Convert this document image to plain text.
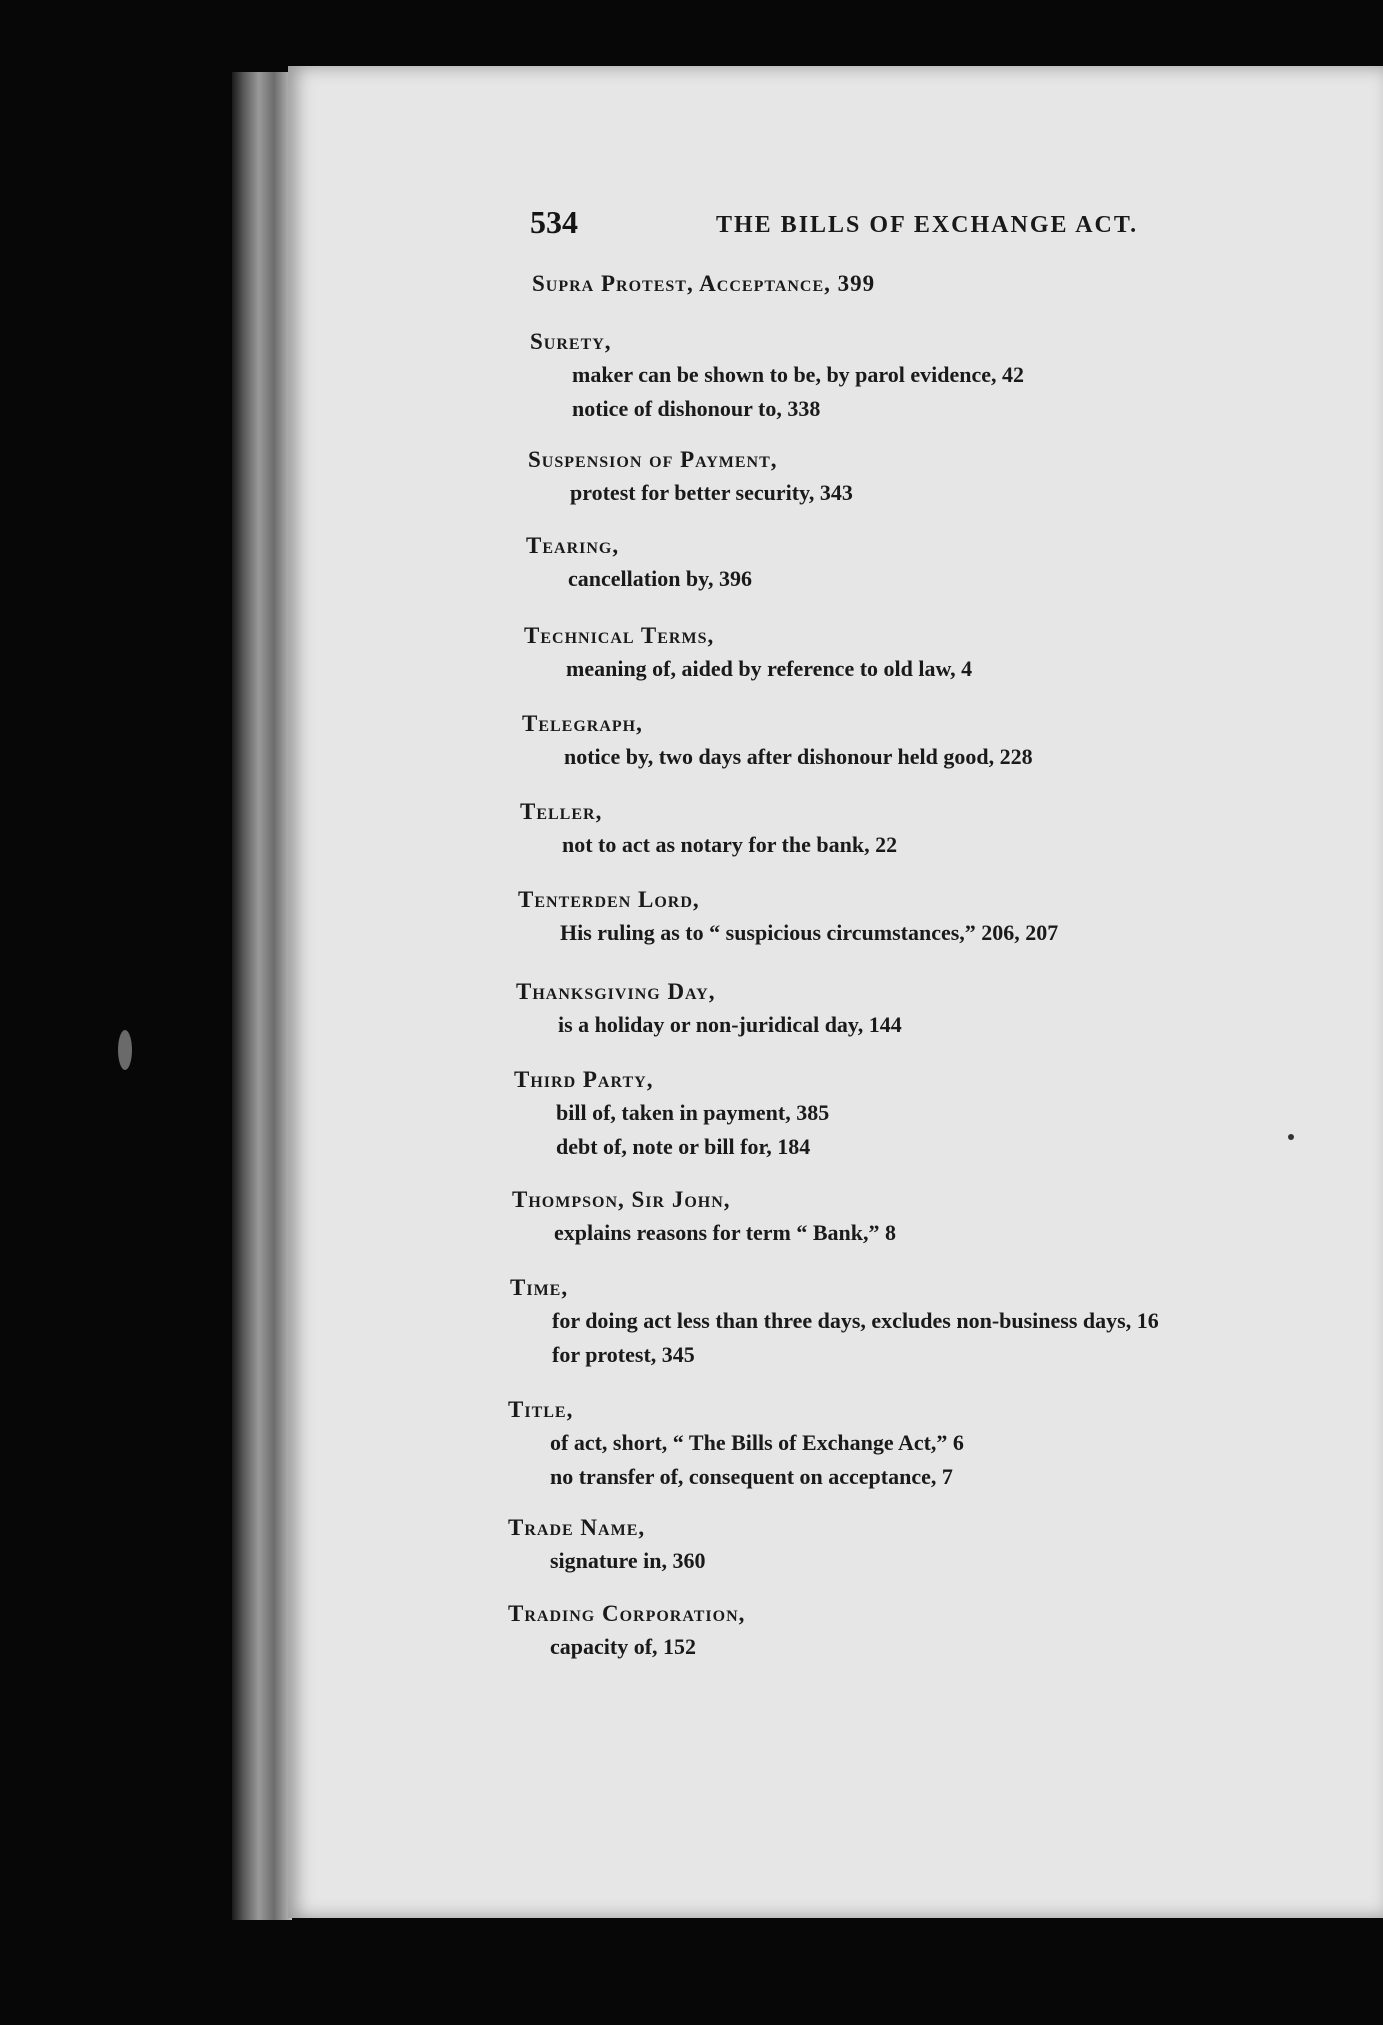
534	THE BILLS OF EXCHANGE ACT.
Supra Protest, Acceptance, 399
Surety,
maker can be shown to be, by parol evidence, 42
notice of dishonour to, 338
Suspension of Payment,
protest for better security, 343
Tearing,
cancellation by, 396
Technical Terms,
meaning of, aided by reference to old law, 4
Telegraph,
notice by, two days after dishonour held good, 228
Teller,
not to act as notary for the bank, 22
Tenterden Lord,
His ruling as to “ suspicious circumstances,” 206, 207
Thanksgiving Day,
is a holiday or non-juridical day, 144
Third Party,
bill of, taken in payment, 385
debt of, note or bill for, 184
Thompson, Sir John,
explains reasons for term “ Bank,” 8
Time,
for doing act less than three days, excludes non-business days, 16
for protest, 345
Title,
of act, short, “ The Bills of Exchange Act,” 6
no transfer of, consequent on acceptance, 7
Trade Name,
signature in, 360
Trading Corporation,
capacity of, 152
